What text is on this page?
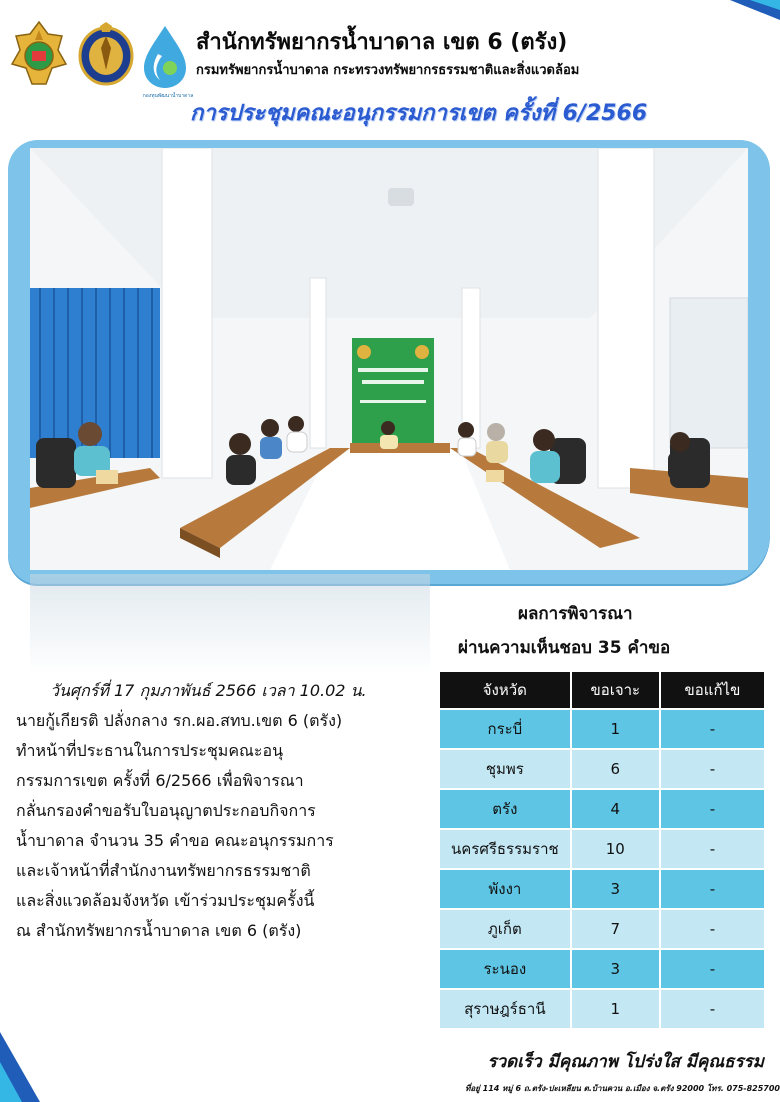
กองทุนพัฒนาน้ำบาดาล
สำนักทรัพยากรน้ำบาดาล เขต 6 (ตรัง)
กรมทรัพยากรน้ำบาดาล กระทรวงทรัพยากรธรรมชาติและสิ่งแวดล้อม
การประชุมคณะอนุกรรมการเขต ครั้งที่ 6/2566
ผลการพิจารณา
ผ่านความเห็นชอบ 35 คำขอ
จังหวัด	ขอเจาะ	ขอแก้ไข
กระบี่	1	-
ชุมพร	6	-
ตรัง	4	-
นครศรีธรรมราช	10	-
พังงา	3	-
ภูเก็ต	7	-
ระนอง	3	-
สุราษฎร์ธานี	1	-
วันศุกร์ที่ 17 กุมภาพันธ์ 2566 เวลา 10.02 น.
นายกู้เกียรติ ปลั่งกลาง รก.ผอ.สทบ.เขต 6 (ตรัง)
ทำหน้าที่ประธานในการประชุมคณะอนุ
กรรมการเขต ครั้งที่ 6/2566 เพื่อพิจารณา
กลั่นกรองคำขอรับใบอนุญาตประกอบกิจการ
น้ำบาดาล จำนวน 35 คำขอ คณะอนุกรรมการ
และเจ้าหน้าที่สำนักงานทรัพยากรธรรมชาติ
และสิ่งแวดล้อมจังหวัด เข้าร่วมประชุมครั้งนี้
ณ สำนักทรัพยากรน้ำบาดาล เขต 6 (ตรัง)
รวดเร็ว มีคุณภาพ โปร่งใส มีคุณธรรม
ที่อยู่ 114 หมู่ 6 ถ.ตรัง-ปะเหลียน ต.บ้านควน อ.เมือง จ.ตรัง 92000 โทร. 075-825700
